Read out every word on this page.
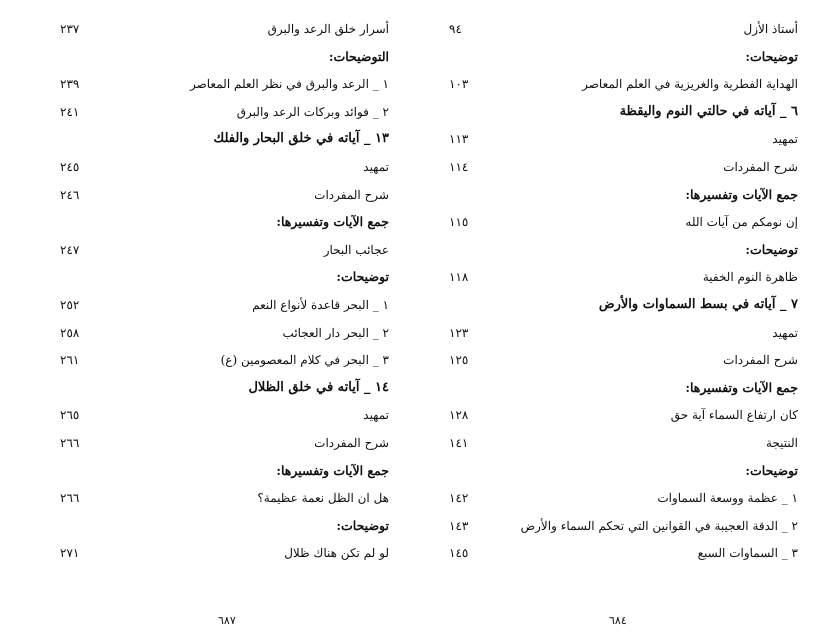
أستاذ الأزل
٩٤
توضيحات:
الهداية الفطرية والغريزية في العلم المعاصر
١٠٣
٦ _ آياته في حالتي النوم واليقظة
تمهيد
١١٣
شرح المفردات
١١٤
جمع الآيات وتفسيرها:
إن نومكم من آيات الله
١١٥
توضيحات:
ظاهرة النوم الخفية
١١٨
٧ _ آياته في بسط السماوات والأرض
تمهيد
١٢٣
شرح المفردات
١٢٥
جمع الآيات وتفسيرها:
كان ارتفاع السماء آية حق
١٢٨
النتيجة
١٤١
توضيحات:
١ _ عظمة ووسعة السماوات
١٤٢
٢ _ الدقة العجيبة في القوانين التي تحكم السماء والأرض
١٤٣
٣ _ السماوات السبع
١٤٥
٦٨٤
أسرار خلق الرعد والبرق
٢٣٧
التوضيحات:
١ _ الرعد والبرق في نظر العلم المعاصر
٢٣٩
٢ _ فوائد وبركات الرعد والبرق
٢٤١
١٣ _ آياته في خلق البحار والفلك
تمهيد
٢٤٥
شرح المفردات
٢٤٦
جمع الآيات وتفسيرها:
عجائب البحار
٢٤٧
توضيحات:
١ _ البحر قاعدة لأنواع النعم
٢٥٢
٢ _ البحر دار العجائب
٢٥٨
٣ _ البحر في كلام المعصومين (ع)
٢٦١
١٤ _ آياته في خلق الظلال
تمهيد
٢٦٥
شرح المفردات
٢٦٦
جمع الآيات وتفسيرها:
هل ان الظل نعمة عظيمة؟
٢٦٦
توضيحات:
لو لم تكن هناك ظلال
٢٧١
٦٨٧
